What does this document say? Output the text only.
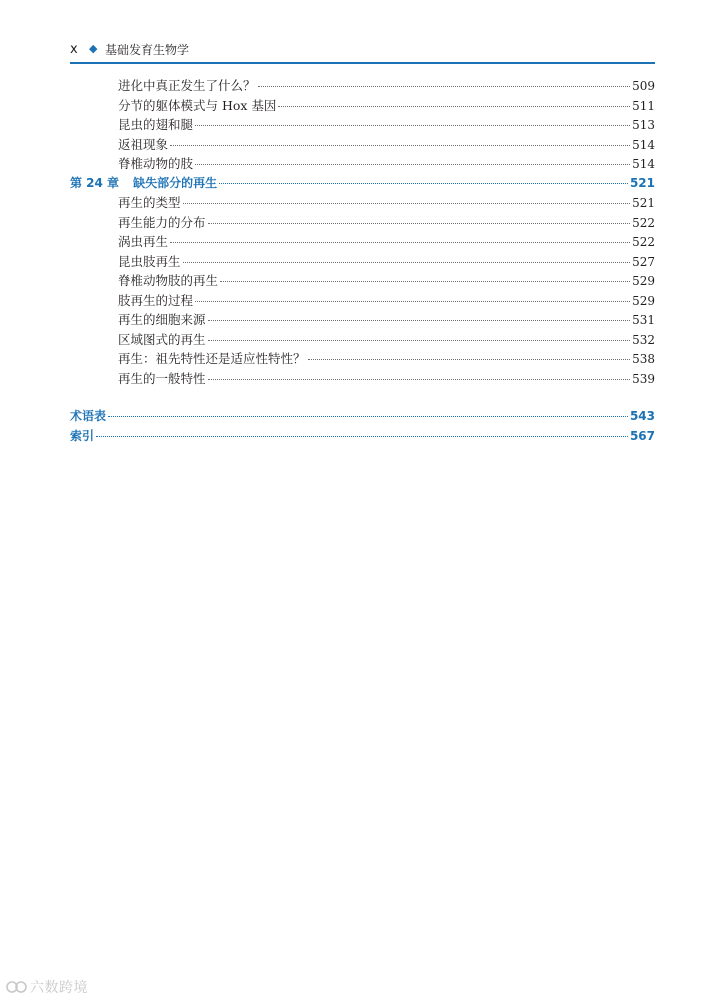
x ◆ 基础发育生物学
进化中真正发生了什么？	509
分节的躯体模式与 Hox 基因	511
昆虫的翅和腿	513
返祖现象	514
脊椎动物的肢	514
第 24 章 缺失部分的再生	521
再生的类型	521
再生能力的分布	522
涡虫再生	522
昆虫肢再生	527
脊椎动物肢的再生	529
肢再生的过程	529
再生的细胞来源	531
区域图式的再生	532
再生：祖先特性还是适应性特性？	538
再生的一般特性	539
术语表	543
索引	567
六数跨境
